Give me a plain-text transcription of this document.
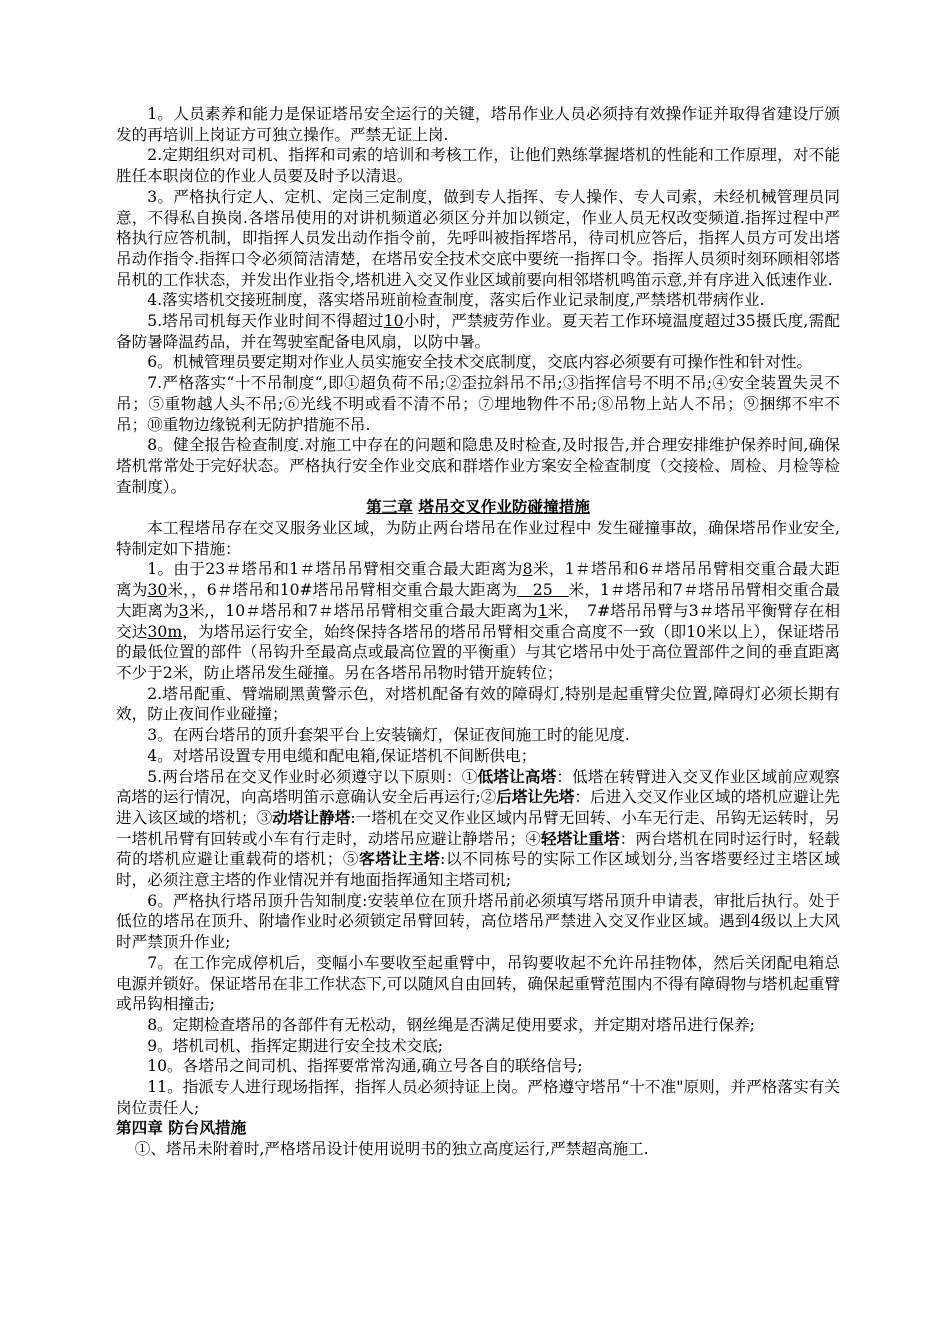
1。人员素养和能力是保证塔吊安全运行的关键，塔吊作业人员必须持有效操作证并取得省建设厅颁发的再培训上岗证方可独立操作。严禁无证上岗.

2.定期组织对司机、指挥和司索的培训和考核工作，让他们熟练掌握塔机的性能和工作原理，对不能胜任本职岗位的作业人员要及时予以清退。

3。严格执行定人、定机、定岗三定制度，做到专人指挥、专人操作、专人司索，未经机械管理员同意，不得私自换岗.各塔吊使用的对讲机频道必须区分并加以锁定，作业人员无权改变频道.指挥过程中严格执行应答机制，即指挥人员发出动作指令前，先呼叫被指挥塔吊，待司机应答后，指挥人员方可发出塔吊动作指令.指挥口令必须简洁清楚，在塔吊安全技术交底中要统一指挥口令。指挥人员须时刻环顾相邻塔吊机的工作状态，并发出作业指令,塔机进入交叉作业区域前要向相邻塔机鸣笛示意,并有序进入低速作业.

4.落实塔机交接班制度，落实塔吊班前检查制度，落实后作业记录制度,严禁塔机带病作业.

5.塔吊司机每天作业时间不得超过10小时，严禁疲劳作业。夏天若工作环境温度超过35摄氏度,需配备防暑降温药品，并在驾驶室配备电风扇，以防中暑。

6。机械管理员要定期对作业人员实施安全技术交底制度，交底内容必须要有可操作性和针对性。

7.严格落实“十不吊制度“,即①超负荷不吊;②歪拉斜吊不吊;③指挥信号不明不吊;④安全装置失灵不吊；⑤重物越人头不吊;⑥光线不明或看不清不吊；⑦埋地物件不吊;⑧吊物上站人不吊；⑨捆绑不牢不吊；⑩重物边缘锐利无防护措施不吊.

8。健全报告检查制度.对施工中存在的问题和隐患及时检查,及时报告,并合理安排维护保养时间,确保塔机常常处于完好状态。严格执行安全作业交底和群塔作业方案安全检查制度（交接检、周检、月检等检查制度）。

第三章 塔吊交叉作业防碰撞措施

本工程塔吊存在交叉服务业区域，为防止两台塔吊在作业过程中 发生碰撞事故，确保塔吊作业安全,特制定如下措施：

1。由于23＃塔吊和1＃塔吊吊臂相交重合最大距离为8米，1＃塔吊和6＃塔吊吊臂相交重合最大距离为30米，，6＃塔吊和10#塔吊吊臂相交重合最大距离为　25　米，1＃塔吊和7＃塔吊吊臂相交重合最大距离为3米,，10＃塔吊和7＃塔吊吊臂相交重合最大距离为1米，　7#塔吊吊臂与3＃塔吊平衡臂存在相交达30m，为塔吊运行安全，始终保持各塔吊的塔吊吊臂相交重合高度不一致（即10米以上），保证塔吊的最低位置的部件（吊钩升至最高点或最高位置的平衡重）与其它塔吊中处于高位置部件之间的垂直距离不少于2米，防止塔吊发生碰撞。另在各塔吊吊物时错开旋转位；

2.塔吊配重、臂端刷黑黄警示色，对塔机配备有效的障碍灯,特别是起重臂尖位置,障碍灯必须长期有效，防止夜间作业碰撞；

3。在两台塔吊的顶升套架平台上安装镝灯，保证夜间施工时的能见度.

4。对塔吊设置专用电缆和配电箱,保证塔机不间断供电；

5.两台塔吊在交叉作业时必须遵守以下原则：①低塔让高塔：低塔在转臂进入交叉作业区域前应观察高塔的运行情况，向高塔明笛示意确认安全后再运行;②后塔让先塔：后进入交叉作业区域的塔机应避让先进入该区域的塔机；③动塔让静塔:一塔机在交叉作业区域内吊臂无回转、小车无行走、吊钩无运转时，另一塔机吊臂有回转或小车有行走时，动塔吊应避让静塔吊；④轻塔让重塔：两台塔机在同时运行时，轻载荷的塔机应避让重载荷的塔机；⑤客塔让主塔:以不同栋号的实际工作区域划分,当客塔要经过主塔区域时，必须注意主塔的作业情况并有地面指挥通知主塔司机;

6。严格执行塔吊顶升告知制度:安装单位在顶升塔吊前必须填写塔吊顶升申请表，审批后执行。处于低位的塔吊在顶升、附墙作业时必须锁定吊臂回转，高位塔吊严禁进入交叉作业区域。遇到4级以上大风时严禁顶升作业;

7。在工作完成停机后，变幅小车要收至起重臂中，吊钩要收起不允许吊挂物体，然后关闭配电箱总电源并锁好。保证塔吊在非工作状态下,可以随风自由回转，确保起重臂范围内不得有障碍物与塔机起重臂或吊钩相撞击;

8。定期检查塔吊的各部件有无松动，钢丝绳是否满足使用要求，并定期对塔吊进行保养;

9。塔机司机、指挥定期进行安全技术交底;

10。各塔吊之间司机、指挥要常常沟通,确立号各自的联络信号;

11。指派专人进行现场指挥，指挥人员必须持证上岗。严格遵守塔吊“十不准"原则，并严格落实有关岗位责任人;

第四章 防台风措施

①、塔吊未附着时,严格塔吊设计使用说明书的独立高度运行,严禁超高施工.
